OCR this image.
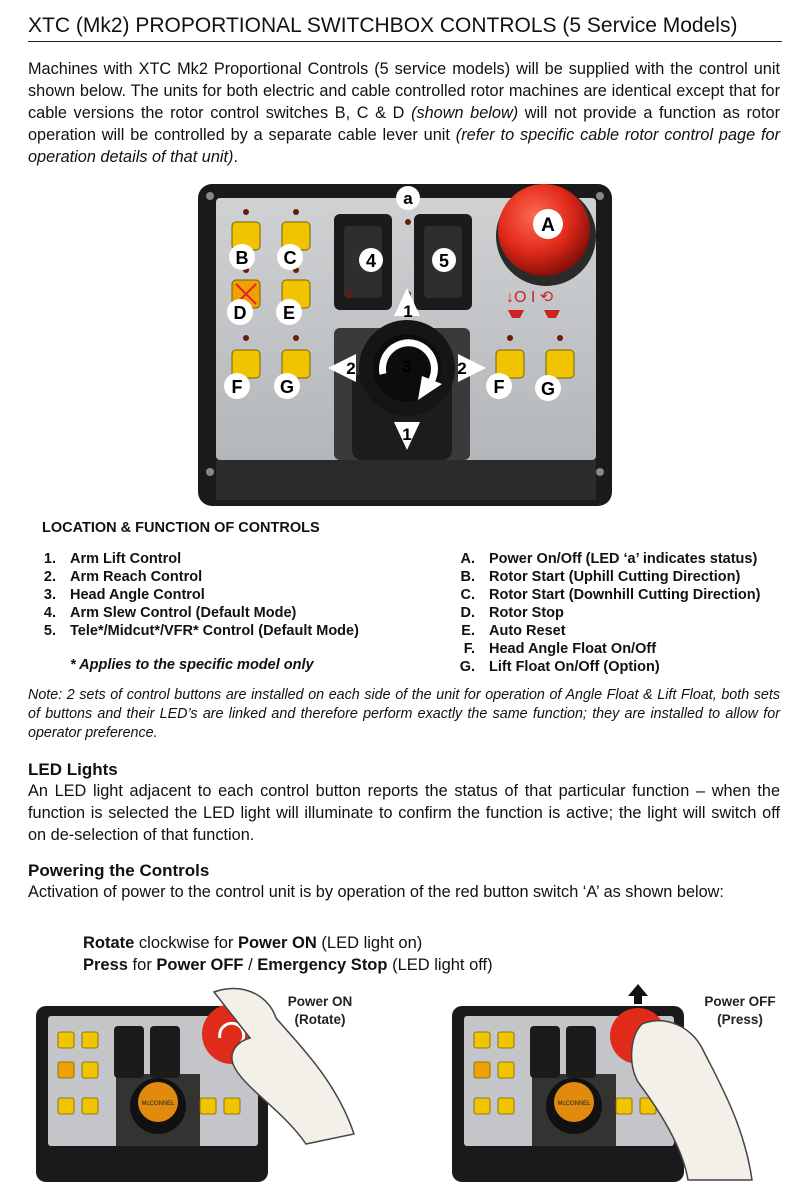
XTC (Mk2) PROPORTIONAL SWITCHBOX CONTROLS (5 Service Models)
Machines with XTC Mk2 Proportional Controls (5 service models) will be supplied with the control unit shown below. The units for both electric and cable controlled rotor machines are identical except that for cable versions the rotor control switches B, C & D (shown below) will not provide a function as rotor operation will be controlled by a separate cable lever unit (refer to specific cable rotor control page for operation details of that unit).
↓O I ⟲
a
A
B C
D E
F G	F G
4	5
1
1
2	2
3
LOCATION & FUNCTION OF CONTROLS
1. Arm Lift Control
2. Arm Reach Control
3. Head Angle Control
4. Arm Slew Control (Default Mode)
5. Tele*/Midcut*/VFR* Control (Default Mode)
A. Power On/Off (LED ‘a’ indicates status)
B. Rotor Start (Uphill Cutting Direction)
C. Rotor Start (Downhill Cutting Direction)
D. Rotor Stop
E. Auto Reset
F. Head Angle Float On/Off
G. Lift Float On/Off (Option)
* Applies to the specific model only
Note: 2 sets of control buttons are installed on each side of the unit for operation of Angle Float & Lift Float, both sets of buttons and their LED’s are linked and therefore perform exactly the same function; they are installed to allow for operator preference.
LED Lights
An LED light adjacent to each control button reports the status of that particular function – when the function is selected the LED light will illuminate to confirm the function is active; the light will switch off on de-selection of that function.
Powering the Controls
Activation of power to the control unit is by operation of the red button switch ‘A’ as shown below:
Rotate clockwise for Power ON (LED light on)
Press for Power OFF / Emergency Stop (LED light off)
McCONNEL
Power ON
(Rotate)
McCONNEL
Power OFF
(Press)
